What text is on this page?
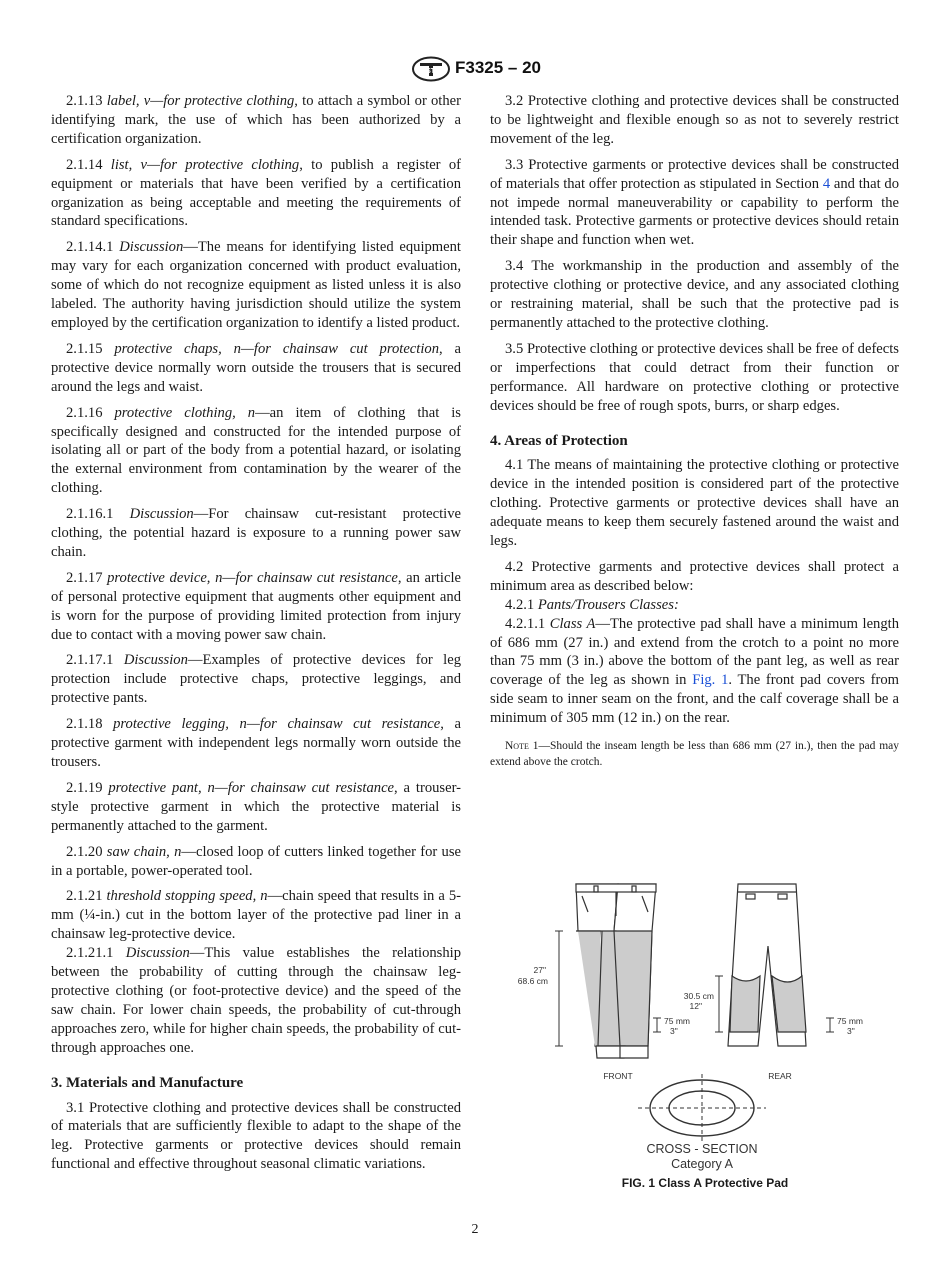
ASTM F3325 – 20

2.1.13 label, v—for protective clothing, to attach a symbol or other identifying mark, the use of which has been authorized by a certification organization.

2.1.14 list, v—for protective clothing, to publish a register of equipment or materials that have been verified by a certification organization as being acceptable and meeting the requirements of standard specifications.

2.1.14.1 Discussion—The means for identifying listed equipment may vary for each organization concerned with product evaluation, some of which do not recognize equipment as listed unless it is also labeled. The authority having jurisdiction should utilize the system employed by the certification organization to identify a listed product.

2.1.15 protective chaps, n—for chainsaw cut protection, a protective device normally worn outside the trousers that is secured around the legs and waist.

2.1.16 protective clothing, n—an item of clothing that is specifically designed and constructed for the intended purpose of isolating all or part of the body from a potential hazard, or isolating the external environment from contamination by the wearer of the clothing.

2.1.16.1 Discussion—For chainsaw cut-resistant protective clothing, the potential hazard is exposure to a running power saw chain.

2.1.17 protective device, n—for chainsaw cut resistance, an article of personal protective equipment that augments other equipment and is worn for the purpose of providing limited protection from injury due to contact with a moving power saw chain.

2.1.17.1 Discussion—Examples of protective devices for leg protection include protective chaps, protective leggings, and protective pants.

2.1.18 protective legging, n—for chainsaw cut resistance, a protective garment with independent legs normally worn outside the trousers.

2.1.19 protective pant, n—for chainsaw cut resistance, a trouser-style protective garment in which the protective material is permanently attached to the garment.

2.1.20 saw chain, n—closed loop of cutters linked together for use in a portable, power-operated tool.

2.1.21 threshold stopping speed, n—chain speed that results in a 5-mm (¼-in.) cut in the bottom layer of the protective pad liner in a chainsaw leg-protective device.

2.1.21.1 Discussion—This value establishes the relationship between the probability of cutting through the chainsaw leg-protective clothing (or foot-protective device) and the speed of the saw chain. For lower chain speeds, the probability of cut-through approaches zero, while for higher chain speeds, the probability of cut-through approaches one.

3. Materials and Manufacture

3.1 Protective clothing and protective devices shall be constructed of materials that are sufficiently flexible to adapt to the shape of the leg. Protective garments or protective devices should remain functional and effective throughout seasonal climatic variations.

3.2 Protective clothing and protective devices shall be constructed to be lightweight and flexible enough so as not to severely restrict movement of the leg.

3.3 Protective garments or protective devices shall be constructed of materials that offer protection as stipulated in Section 4 and that do not impede normal maneuverability or capability to perform the intended task. Protective garments or protective devices should retain their shape and function when wet.

3.4 The workmanship in the production and assembly of the protective clothing or protective device, and any associated clothing or restraining material, shall be such that the protective pad is permanently attached to the protective clothing.

3.5 Protective clothing or protective devices shall be free of defects or imperfections that could detract from their function or performance. All hardware on protective clothing or protective devices should be free of rough spots, burrs, or sharp edges.

4. Areas of Protection

4.1 The means of maintaining the protective clothing or protective device in the intended position is considered part of the protective clothing. Protective garments or protective devices shall have an adequate means to keep them securely fastened around the waist and legs.

4.2 Protective garments and protective devices shall protect a minimum area as described below:

4.2.1 Pants/Trousers Classes:

4.2.1.1 Class A—The protective pad shall have a minimum length of 686 mm (27 in.) and extend from the crotch to a point no more than 75 mm (3 in.) above the bottom of the pant leg, as well as rear coverage of the leg as shown in Fig. 1. The front pad covers from side seam to inner seam on the front, and the calf coverage shall be a minimum of 305 mm (12 in.) on the rear.

Note 1—Should the inseam length be less than 686 mm (27 in.), then the pad may extend above the crotch.

27"
68.6 cm
75 mm
3"
FRONT
30.5 cm
12"
75 mm
3"
REAR
CROSS - SECTION
Category A
FIG. 1 Class A Protective Pad
2
